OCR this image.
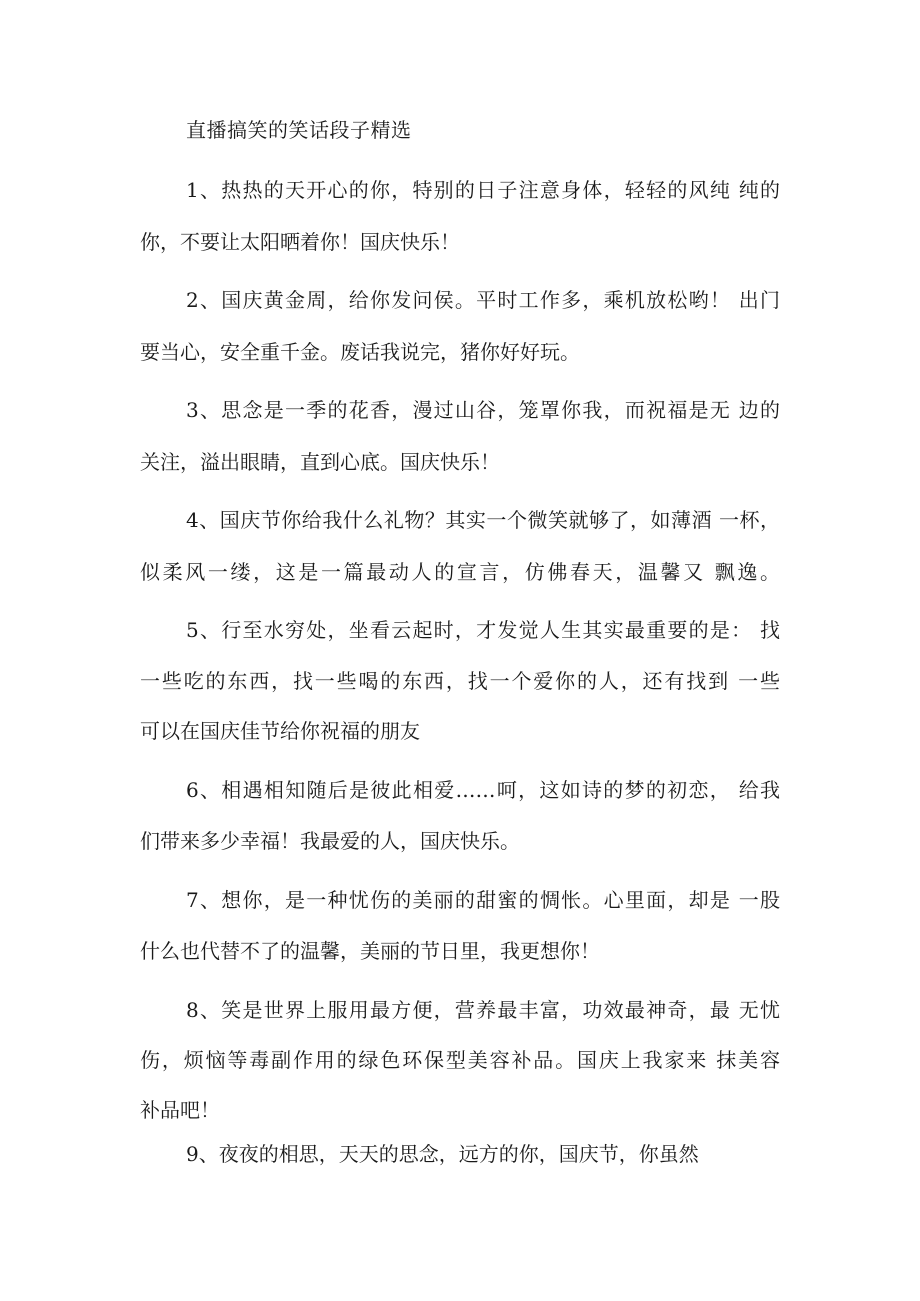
直播搞笑的笑话段子精选
1、热热的天开心的你，特别的日子注意身体，轻轻的风纯 纯的
你，不要让太阳晒着你！国庆快乐！
2、国庆黄金周，给你发问侯。平时工作多，乘机放松哟！ 出门
要当心，安全重千金。废话我说完，猪你好好玩。
3、思念是一季的花香，漫过山谷，笼罩你我，而祝福是无 边的
关注，溢出眼睛，直到心底。国庆快乐！
4、国庆节你给我什么礼物？其实一个微笑就够了，如薄酒 一杯，
似柔风一缕，这是一篇最动人的宣言，仿佛春天，温馨又 飘逸。
5、行至水穷处，坐看云起时，才发觉人生其实最重要的是： 找
一些吃的东西，找一些喝的东西，找一个爱你的人，还有找到 一些
可以在国庆佳节给你祝福的朋友
6、相遇相知随后是彼此相爱……呵，这如诗的梦的初恋， 给我
们带来多少幸福！我最爱的人，国庆快乐。
7、想你，是一种忧伤的美丽的甜蜜的惆怅。心里面，却是 一股
什么也代替不了的温馨，美丽的节日里，我更想你！
8、笑是世界上服用最方便，营养最丰富，功效最神奇，最 无忧
伤，烦恼等毒副作用的绿色环保型美容补品。国庆上我家来 抹美容
补品吧！
9、夜夜的相思，天天的思念，远方的你，国庆节，你虽然
